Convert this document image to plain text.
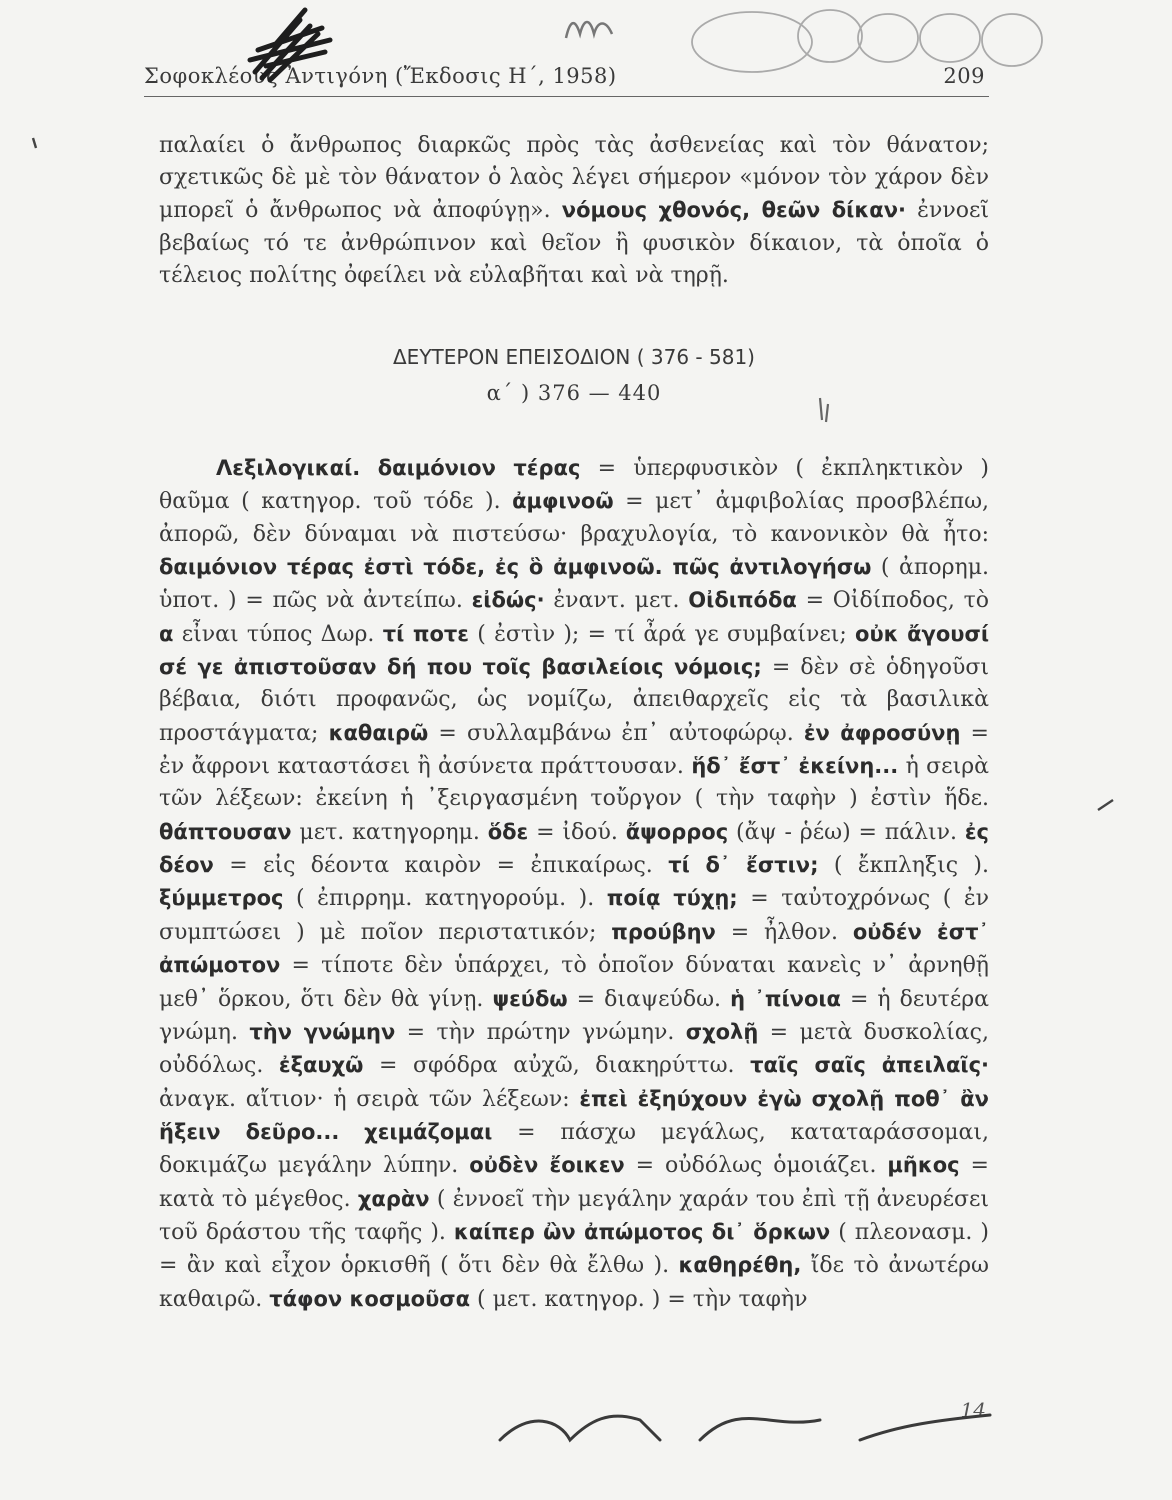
Σοφοκλέους Ἀντιγόνη (Ἔκδοσις Η΄, 1958)	209

παλαίει ὁ ἄνθρωπος διαρκῶς πρὸς τὰς ἀσθενείας καὶ τὸν θάνατον; σχετικῶς δὲ μὲ τὸν θάνατον ὁ λαὸς λέγει σήμερον «μόνον τὸν χάρον δὲν μπορεῖ ὁ ἄνθρωπος νὰ ἀποφύγῃ». νόμους χθονός, θεῶν δίκαν· ἐννοεῖ βεβαίως τό τε ἀνθρώπινον καὶ θεῖον ἢ φυσικὸν δίκαιον, τὰ ὁποῖα ὁ τέλειος πολίτης ὀφείλει νὰ εὐλαβῆται καὶ νὰ τηρῇ.

ΔΕΥΤΕΡΟΝ ΕΠΕΙΣΟΔΙΟΝ ( 376 - 581)
α΄ ) 376 — 440

Λεξιλογικαί. δαιμόνιον τέρας = ὑπερφυσικὸν ( ἐκπληκτικὸν ) θαῦμα ( κατηγορ. τοῦ τόδε ). ἀμφινοῶ = μετ᾿ ἀμφιβολίας προσβλέπω, ἀπορῶ, δὲν δύναμαι νὰ πιστεύσω· βραχυλογία, τὸ κανονικὸν θὰ ἦτο: δαιμόνιον τέρας ἐστὶ τόδε, ἐς ὃ ἀμφινοῶ. πῶς ἀντιλογήσω ( ἀπορημ. ὑποτ. ) = πῶς νὰ ἀντείπω. εἰδώς· ἐναντ. μετ. Οἰδιπόδα = Οἰδίποδος, τὸ α εἶναι τύπος Δωρ. τί ποτε ( ἐστὶν ); = τί ἆρά γε συμβαίνει; οὐκ ἄγουσί σέ γε ἀπιστοῦσαν δή που τοῖς βασιλείοις νόμοις; = δὲν σὲ ὁδηγοῦσι βέβαια, διότι προφανῶς, ὡς νομίζω, ἀπειθαρχεῖς εἰς τὰ βασιλικὰ προστάγματα; καθαιρῶ = συλλαμβάνω ἐπ᾿ αὐτοφώρῳ. ἐν ἀφροσύνῃ = ἐν ἄφρονι καταστάσει ἢ ἀσύνετα πράττουσαν. ἥδ᾿ ἔστ᾿ ἐκείνη... ἡ σειρὰ τῶν λέξεων: ἐκείνη ἡ ᾿ξειργασμένη τοὔργον ( τὴν ταφὴν ) ἐστὶν ἥδε. θάπτουσαν μετ. κατηγορημ. ὅδε = ἰδού. ἄψορρος (ἄψ - ῥέω) = πάλιν. ἐς δέον = εἰς δέοντα καιρὸν = ἐπικαίρως. τί δ᾿ ἔστιν; ( ἔκπληξις ). ξύμμετρος ( ἐπιρρημ. κατηγορούμ. ). ποίᾳ τύχῃ; = ταὐτοχρόνως ( ἐν συμπτώσει ) μὲ ποῖον περιστατικόν; προύβην = ἦλθον. οὐδέν ἐστ᾿ ἀπώμοτον = τίποτε δὲν ὑπάρχει, τὸ ὁποῖον δύναται κανεὶς ν᾿ ἀρνηθῇ μεθ᾿ ὅρκου, ὅτι δὲν θὰ γίνῃ. ψεύδω = διαψεύδω. ἡ ᾿πίνοια = ἡ δευτέρα γνώμη. τὴν γνώμην = τὴν πρώτην γνώμην. σχολῇ = μετὰ δυσκολίας, οὐδόλως. ἐξαυχῶ = σφόδρα αὐχῶ, διακηρύττω. ταῖς σαῖς ἀπειλαῖς· ἀναγκ. αἴτιον· ἡ σειρὰ τῶν λέξεων: ἐπεὶ ἐξηύχουν ἐγὼ σχολῇ ποθ᾿ ἂν ἥξειν δεῦρο... χειμάζομαι = πάσχω μεγάλως, καταταράσσομαι, δοκιμάζω μεγάλην λύπην. οὐδὲν ἔοικεν = οὐδόλως ὁμοιάζει. μῆκος = κατὰ τὸ μέγεθος. χαρὰν ( ἐννοεῖ τὴν μεγάλην χαράν του ἐπὶ τῇ ἀνευρέσει τοῦ δράστου τῆς ταφῆς ). καίπερ ὢν ἀπώμοτος δι᾿ ὅρκων ( πλεονασμ. ) = ἂν καὶ εἶχον ὁρκισθῆ ( ὅτι δὲν θὰ ἔλθω ). καθηρέθη, ἴδε τὸ ἀνωτέρω καθαιρῶ. τάφον κοσμοῦσα ( μετ. κατηγορ. ) = τὴν ταφὴν

14
